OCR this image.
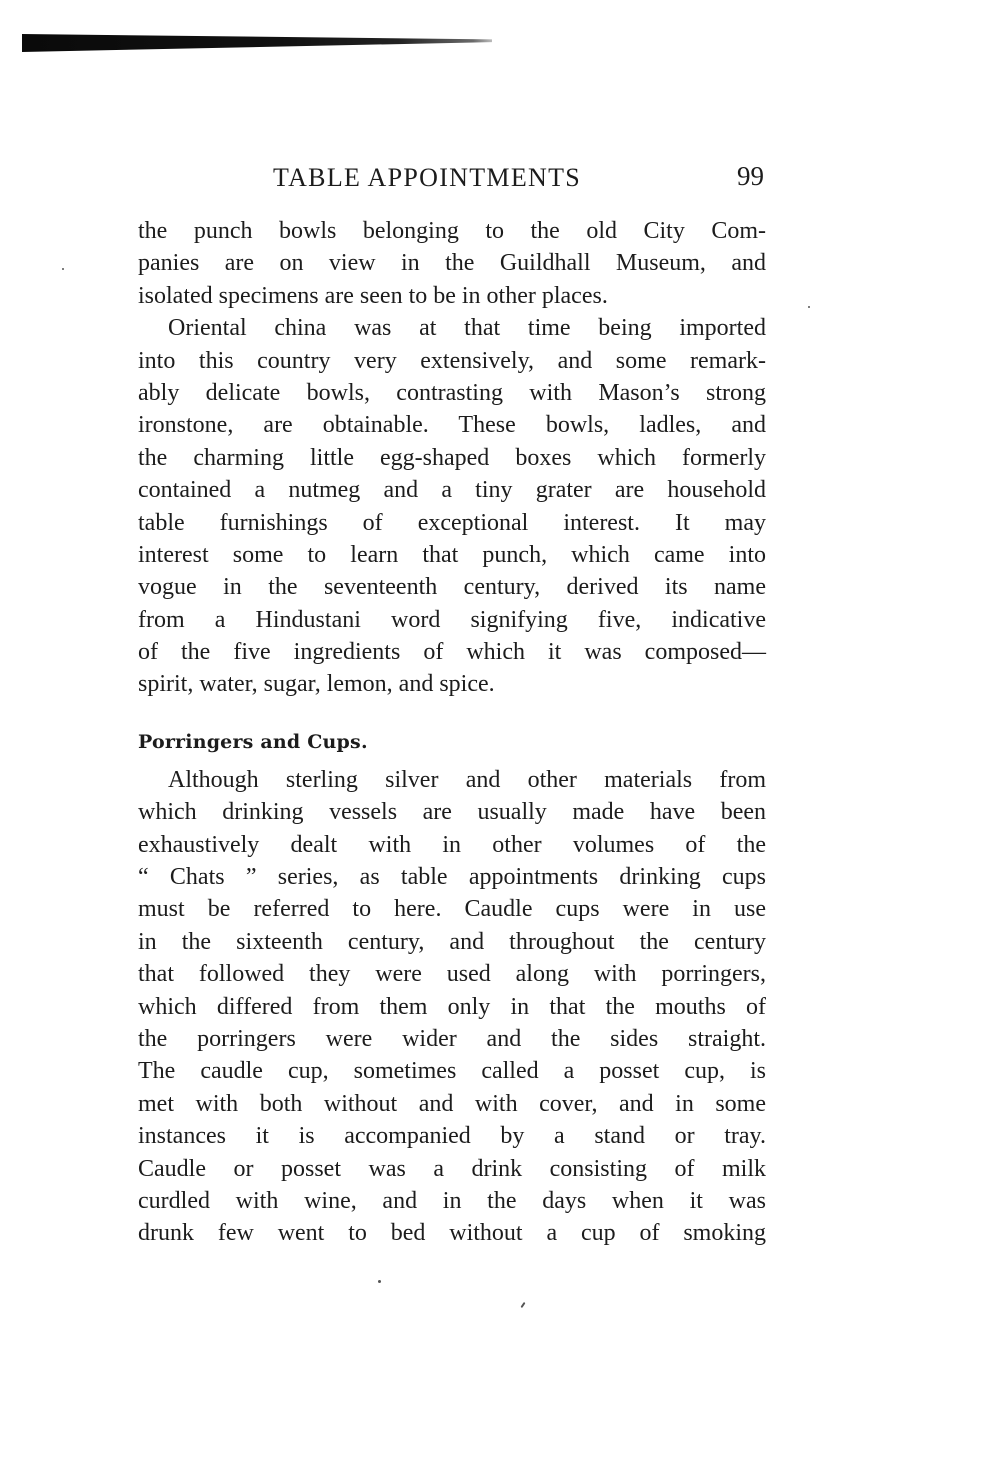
TABLE APPOINTMENTS	99
the punch bowls belonging to the old City Com-
panies are on view in the Guildhall Museum, and
isolated specimens are seen to be in other places.
Oriental china was at that time being imported
into this country very extensively, and some remark-
ably delicate bowls, contrasting with Mason’s strong
ironstone, are obtainable. These bowls, ladles, and
the charming little egg-shaped boxes which formerly
contained a nutmeg and a tiny grater are household
table furnishings of exceptional interest. It may
interest some to learn that punch, which came into
vogue in the seventeenth century, derived its name
from a Hindustani word signifying five, indicative
of the five ingredients of which it was composed—
spirit, water, sugar, lemon, and spice.
Porringers and Cups.
Although sterling silver and other materials from
which drinking vessels are usually made have been
exhaustively dealt with in other volumes of the
“ Chats ” series, as table appointments drinking cups
must be referred to here. Caudle cups were in use
in the sixteenth century, and throughout the century
that followed they were used along with porringers,
which differed from them only in that the mouths of
the porringers were wider and the sides straight.
The caudle cup, sometimes called a posset cup, is
met with both without and with cover, and in some
instances it is accompanied by a stand or tray.
Caudle or posset was a drink consisting of milk
curdled with wine, and in the days when it was
drunk few went to bed without a cup of smoking
